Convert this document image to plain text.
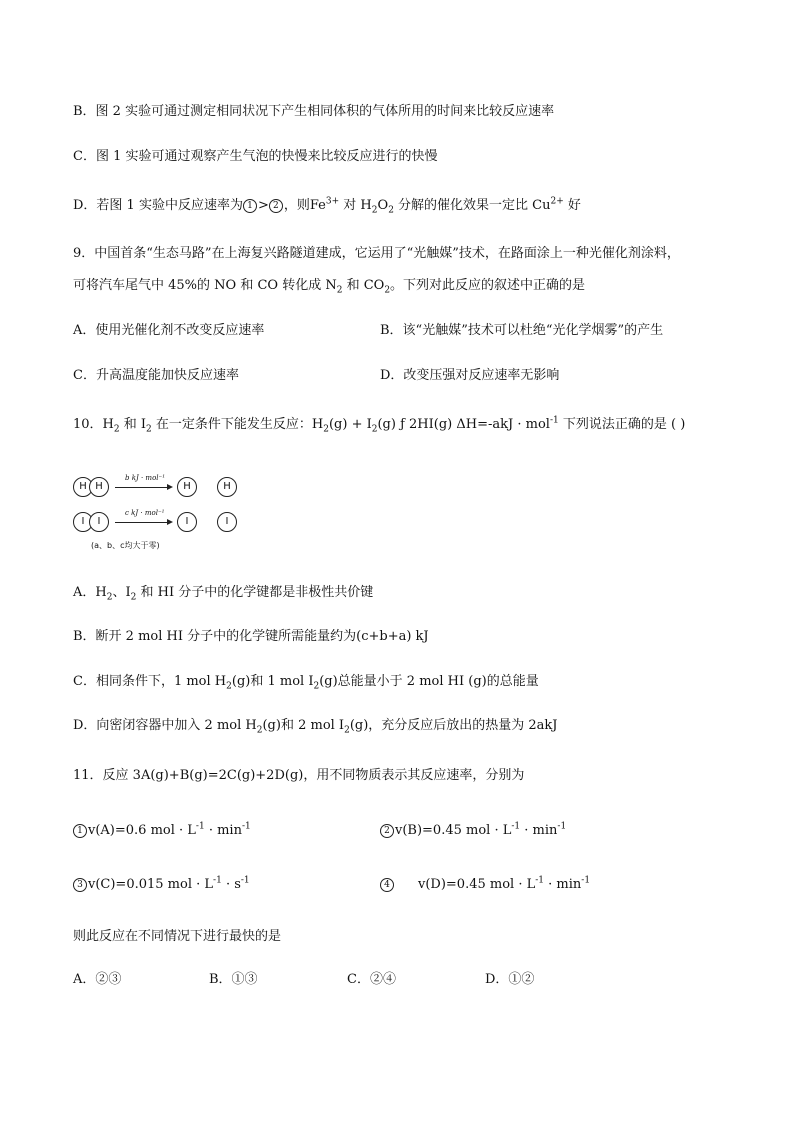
B．图 2 实验可通过测定相同状况下产生相同体积的气体所用的时间来比较反应速率
C．图 1 实验可通过观察产生气泡的快慢来比较反应进行的快慢
D．若图 1 实验中反应速率为 1 > 2 ，则$Fe^{3+}$ 对 $H_2O_2$ 分解的催化效果一定比 $Cu^{2+}$ 好
9．中国首条“生态马路”在上海复兴路隧道建成，它运用了“光触媒”技术，在路面涂上一种光催化剂涂料，
可将汽车尾气中 45%的 NO 和 CO 转化成 $N_2$ 和 $CO_2$。下列对此反应的叙述中正确的是
A．使用光催化剂不改变反应速率	B．该“光触媒”技术可以杜绝“光化学烟雾”的产生
C．升高温度能加快反应速率	D．改变压强对反应速率无影响
10．$H_2$ 和 $I_2$ 在一定条件下能发生反应：$H_2(g) + I_2(g)$ ƒ 2HI(g) ΔH=-akJ · mol$^{-1}$ 下列说法正确的是 ( )
H H
b kJ · mol⁻¹
H	H
I	I
c kJ · mol⁻¹
I	I
(a、b、c均大于零)
A．$H_2$、$I_2$ 和 HI 分子中的化学键都是非极性共价键
B．断开 2 mol HI 分子中的化学键所需能量约为(c+b+a) kJ
C．相同条件下，1 mol $H_2(g)$和 1 mol $I_2(g)$总能量小于 2 mol HI (g)的总能量
D．向密闭容器中加入 2 mol $H_2(g)$和 2 mol $I_2(g)$，充分反应后放出的热量为 2akJ
11．反应 3A(g)+B(g)=2C(g)+2D(g)，用不同物质表示其反应速率，分别为
1 v(A)=0.6 mol · $L^{-1} \cdot \min^{-1}$	2 v(B)=0.45 mol · $L^{-1} \cdot \min^{-1}$
3 v(C)=0.015 mol · $L^{-1} \cdot s^{-1}$	4 v(D)=0.45 mol · $L^{-1} \cdot \min^{-1}$
则此反应在不同情况下进行最快的是
A．②③	B．①③	C．②④	D．①②
